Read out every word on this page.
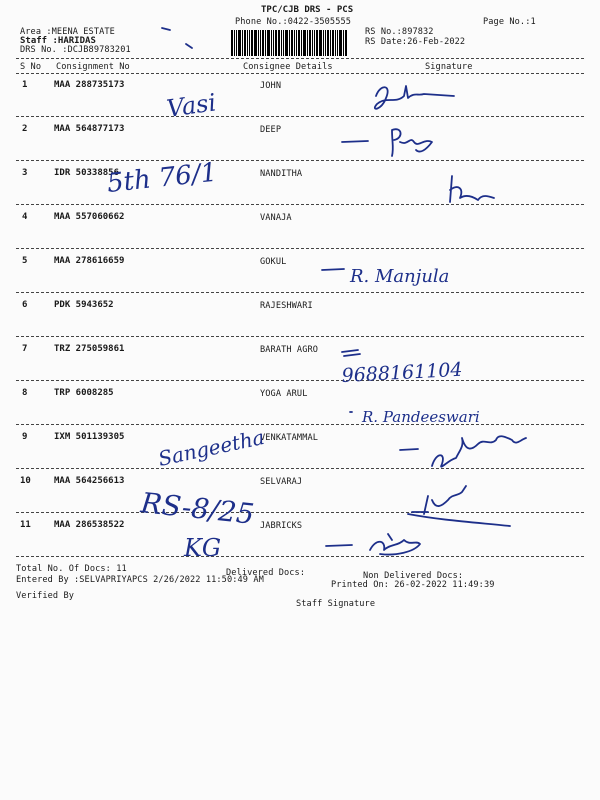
TPC/CJB DRS - PCS
Phone No.:0422-3505555	Page No.:1
Area :MEENA ESTATE
Staff :HARIDAS
DRS No. :DCJB89783201
RS No.:897832
RS Date:26-Feb-2022
S No Consignment No	Consignee Details	Signature
1	MAA 288735173	JOHN
2	MAA 564877173	DEEP
3	IDR 50338856	NANDITHA
4	MAA 557060662	VANAJA
5	MAA 278616659	GOKUL
6	PDK 5943652	RAJESHWARI
7	TRZ 275059861	BARATH AGRO
8	TRP 6008285	YOGA ARUL
9	IXM 501139305	VENKATAMMAL
10	MAA 564256613	SELVARAJ
11	MAA 286538522	JABRICKS
Total No. Of Docs: 11	Delivered Docs:	Non Delivered Docs:
Entered By :SELVAPRIYAPCS 2/26/2022 11:50:49 AM	Printed On: 26-02-2022 11:49:39
Verified By
Staff Signature
Vasi
5th 76/1
R. Manjula
9688161104
R. Pandeeswari
Sangeetha
RS-8/25
KG
